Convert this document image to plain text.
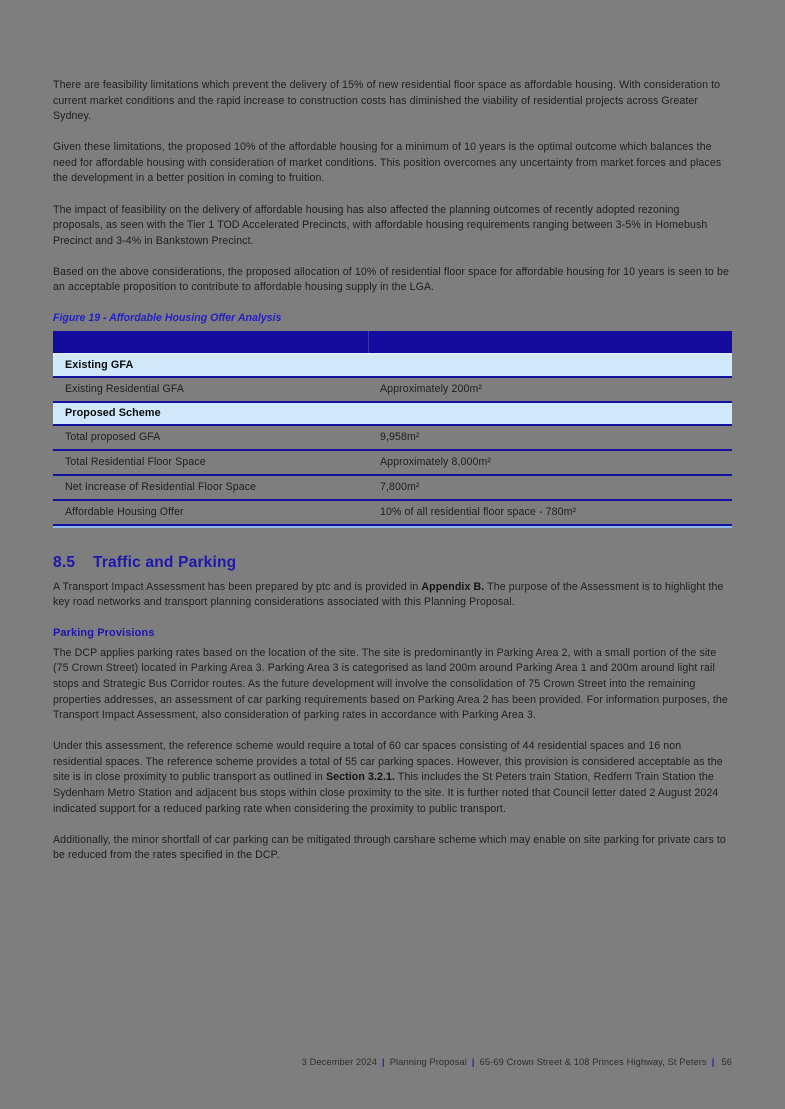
There are feasibility limitations which prevent the delivery of 15% of new residential floor space as affordable housing. With consideration to current market conditions and the rapid increase to construction costs has diminished the viability of residential projects across Greater Sydney.

Given these limitations, the proposed 10% of the affordable housing for a minimum of 10 years is the optimal outcome which balances the need for affordable housing with consideration of market conditions. This position overcomes any uncertainty from market forces and places the development in a better position in coming to fruition.

The impact of feasibility on the delivery of affordable housing has also affected the planning outcomes of recently adopted rezoning proposals, as seen with the Tier 1 TOD Accelerated Precincts, with affordable housing requirements ranging between 3-5% in Homebush Precinct and 3-4% in Bankstown Precinct.

Based on the above considerations, the proposed allocation of 10% of residential floor space for affordable housing for 10 years is seen to be an acceptable proposition to contribute to affordable housing supply in the LGA.

Figure 19 - Affordable Housing Offer Analysis
Existing GFA
Existing Residential GFA	Approximately 200m²
Proposed Scheme
Total proposed GFA	9,958m²
Total Residential Floor Space	Approximately 8,000m²
Net Increase of Residential Floor Space	7,800m²
Affordable Housing Offer	10% of all residential floor space - 780m²
8.5 Traffic and Parking

A Transport Impact Assessment has been prepared by ptc and is provided in Appendix B. The purpose of the Assessment is to highlight the key road networks and transport planning considerations associated with this Planning Proposal.

Parking Provisions

The DCP applies parking rates based on the location of the site. The site is predominantly in Parking Area 2, with a small portion of the site (75 Crown Street) located in Parking Area 3. Parking Area 3 is categorised as land 200m around Parking Area 1 and 200m around light rail stops and Strategic Bus Corridor routes. As the future development will involve the consolidation of 75 Crown Street into the remaining properties addresses, an assessment of car parking requirements based on Parking Area 2 has been provided. For information purposes, the Transport Impact Assessment, also consideration of parking rates in accordance with Parking Area 3.

Under this assessment, the reference scheme would require a total of 60 car spaces consisting of 44 residential spaces and 16 non residential spaces. The reference scheme provides a total of 55 car parking spaces. However, this provision is considered acceptable as the site is in close proximity to public transport as outlined in Section 3.2.1. This includes the St Peters train Station, Redfern Train Station the Sydenham Metro Station and adjacent bus stops within close proximity to the site. It is further noted that Council letter dated 2 August 2024 indicated support for a reduced parking rate when considering the proximity to public transport.

Additionally, the minor shortfall of car parking can be mitigated through carshare scheme which may enable on site parking for private cars to be reduced from the rates specified in the DCP.

3 December 2024 | Planning Proposal | 65-69 Crown Street & 108 Princes Highway, St Peters | 56
